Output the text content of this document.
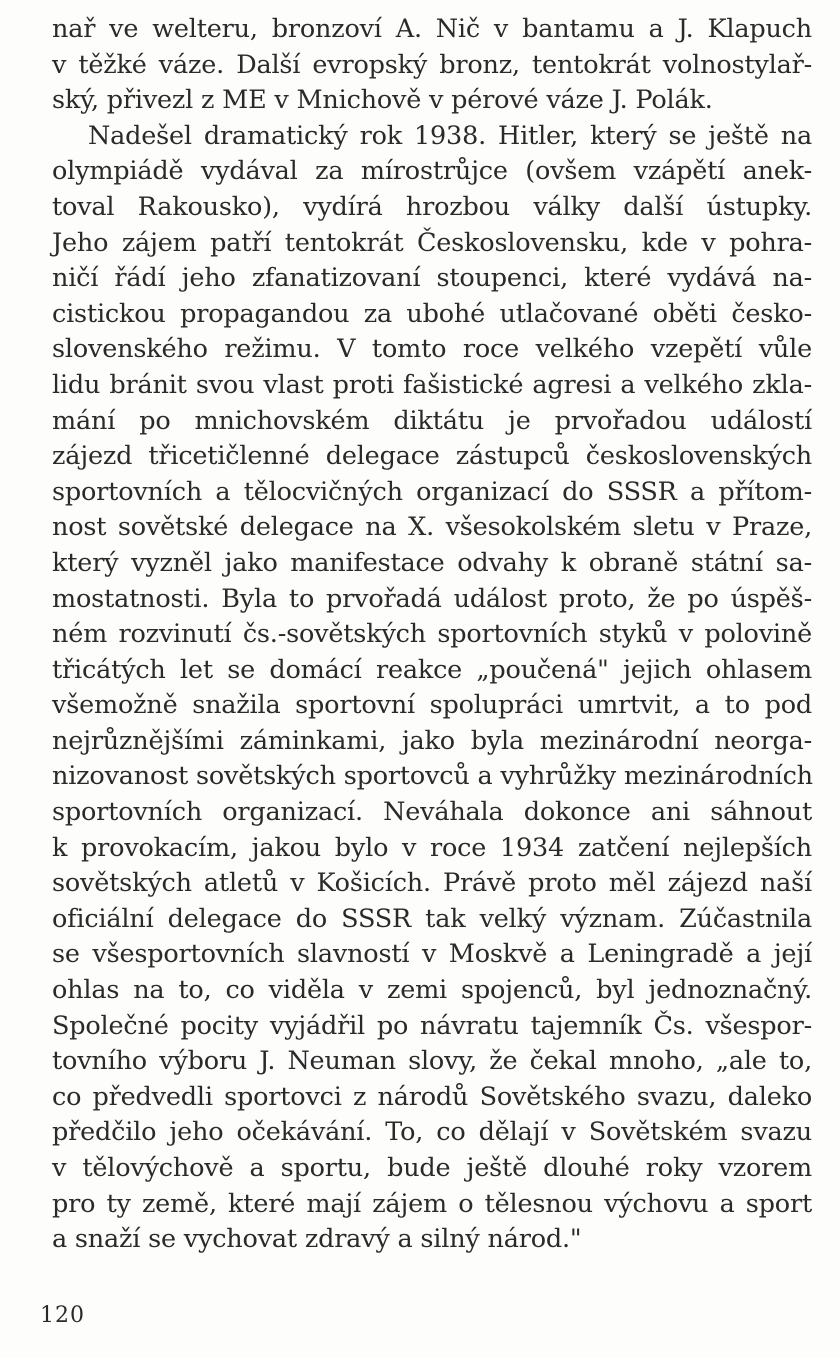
nař ve welteru, bronzoví A. Nič v bantamu a J. Klapuch
v těžké váze. Další evropský bronz, tentokrát volnostylař-
ský, přivezl z ME v Mnichově v pérové váze J. Polák.
Nadešel dramatický rok 1938. Hitler, který se ještě na
olympiádě vydával za mírostrůjce (ovšem vzápětí anek-
toval Rakousko), vydírá hrozbou války další ústupky.
Jeho zájem patří tentokrát Československu, kde v pohra-
ničí řádí jeho zfanatizovaní stoupenci, které vydává na-
cistickou propagandou za ubohé utlačované oběti česko-
slovenského režimu. V tomto roce velkého vzepětí vůle
lidu bránit svou vlast proti fašistické agresi a velkého zkla-
mání po mnichovském diktátu je prvořadou událostí
zájezd třicetičlenné delegace zástupců československých
sportovních a tělocvičných organizací do SSSR a přítom-
nost sovětské delegace na X. všesokolském sletu v Praze,
který vyzněl jako manifestace odvahy k obraně státní sa-
mostatnosti. Byla to prvořadá událost proto, že po úspěš-
ném rozvinutí čs.-sovětských sportovních styků v polovině
třicátých let se domácí reakce „poučená" jejich ohlasem
všemožně snažila sportovní spolupráci umrtvit, a to pod
nejrůznějšími záminkami, jako byla mezinárodní neorga-
nizovanost sovětských sportovců a vyhrůžky mezinárodních
sportovních organizací. Neváhala dokonce ani sáhnout
k provokacím, jakou bylo v roce 1934 zatčení nejlepších
sovětských atletů v Košicích. Právě proto měl zájezd naší
oficiální delegace do SSSR tak velký význam. Zúčastnila
se všesportovních slavností v Moskvě a Leningradě a její
ohlas na to, co viděla v zemi spojenců, byl jednoznačný.
Společné pocity vyjádřil po návratu tajemník Čs. všespor-
tovního výboru J. Neuman slovy, že čekal mnoho, „ale to,
co předvedli sportovci z národů Sovětského svazu, daleko
předčilo jeho očekávání. To, co dělají v Sovětském svazu
v tělovýchově a sportu, bude ještě dlouhé roky vzorem
pro ty země, které mají zájem o tělesnou výchovu a sport
a snaží se vychovat zdravý a silný národ."
120
